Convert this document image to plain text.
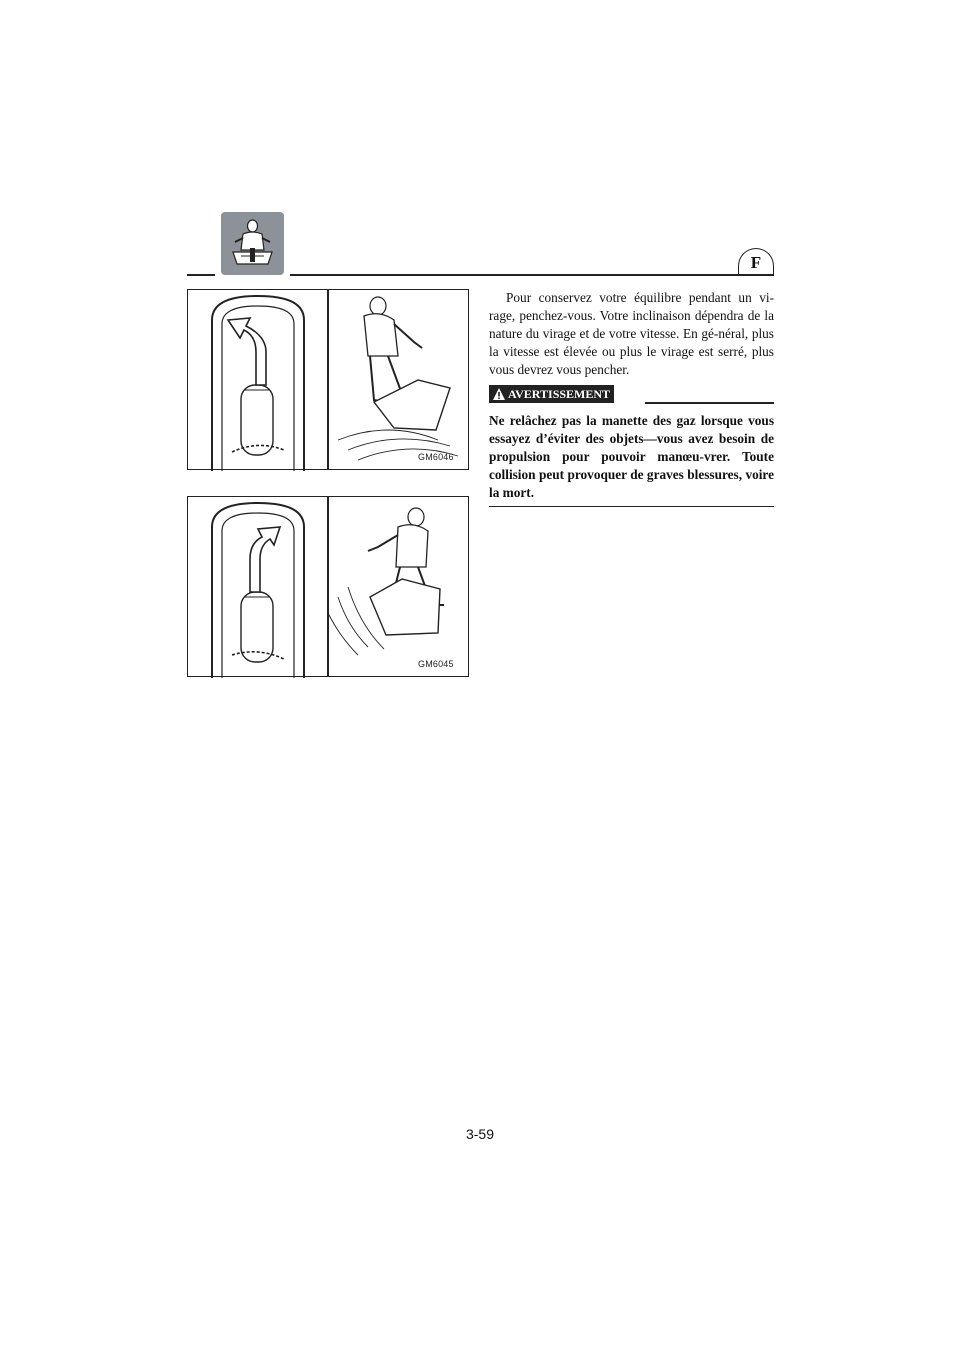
F
GM6046
GM6045

Pour conservez votre équilibre pendant un vi-rage, penchez-vous. Votre inclinaison dépendra de la nature du virage et de votre vitesse. En gé-néral, plus la vitesse est élevée ou plus le virage est serré, plus vous devrez vous pencher.

AVERTISSEMENT

Ne relâchez pas la manette des gaz lorsque vous essayez d’éviter des objets—vous avez besoin de propulsion pour pouvoir manœu-vrer. Toute collision peut provoquer de graves blessures, voire la mort.

3-59
